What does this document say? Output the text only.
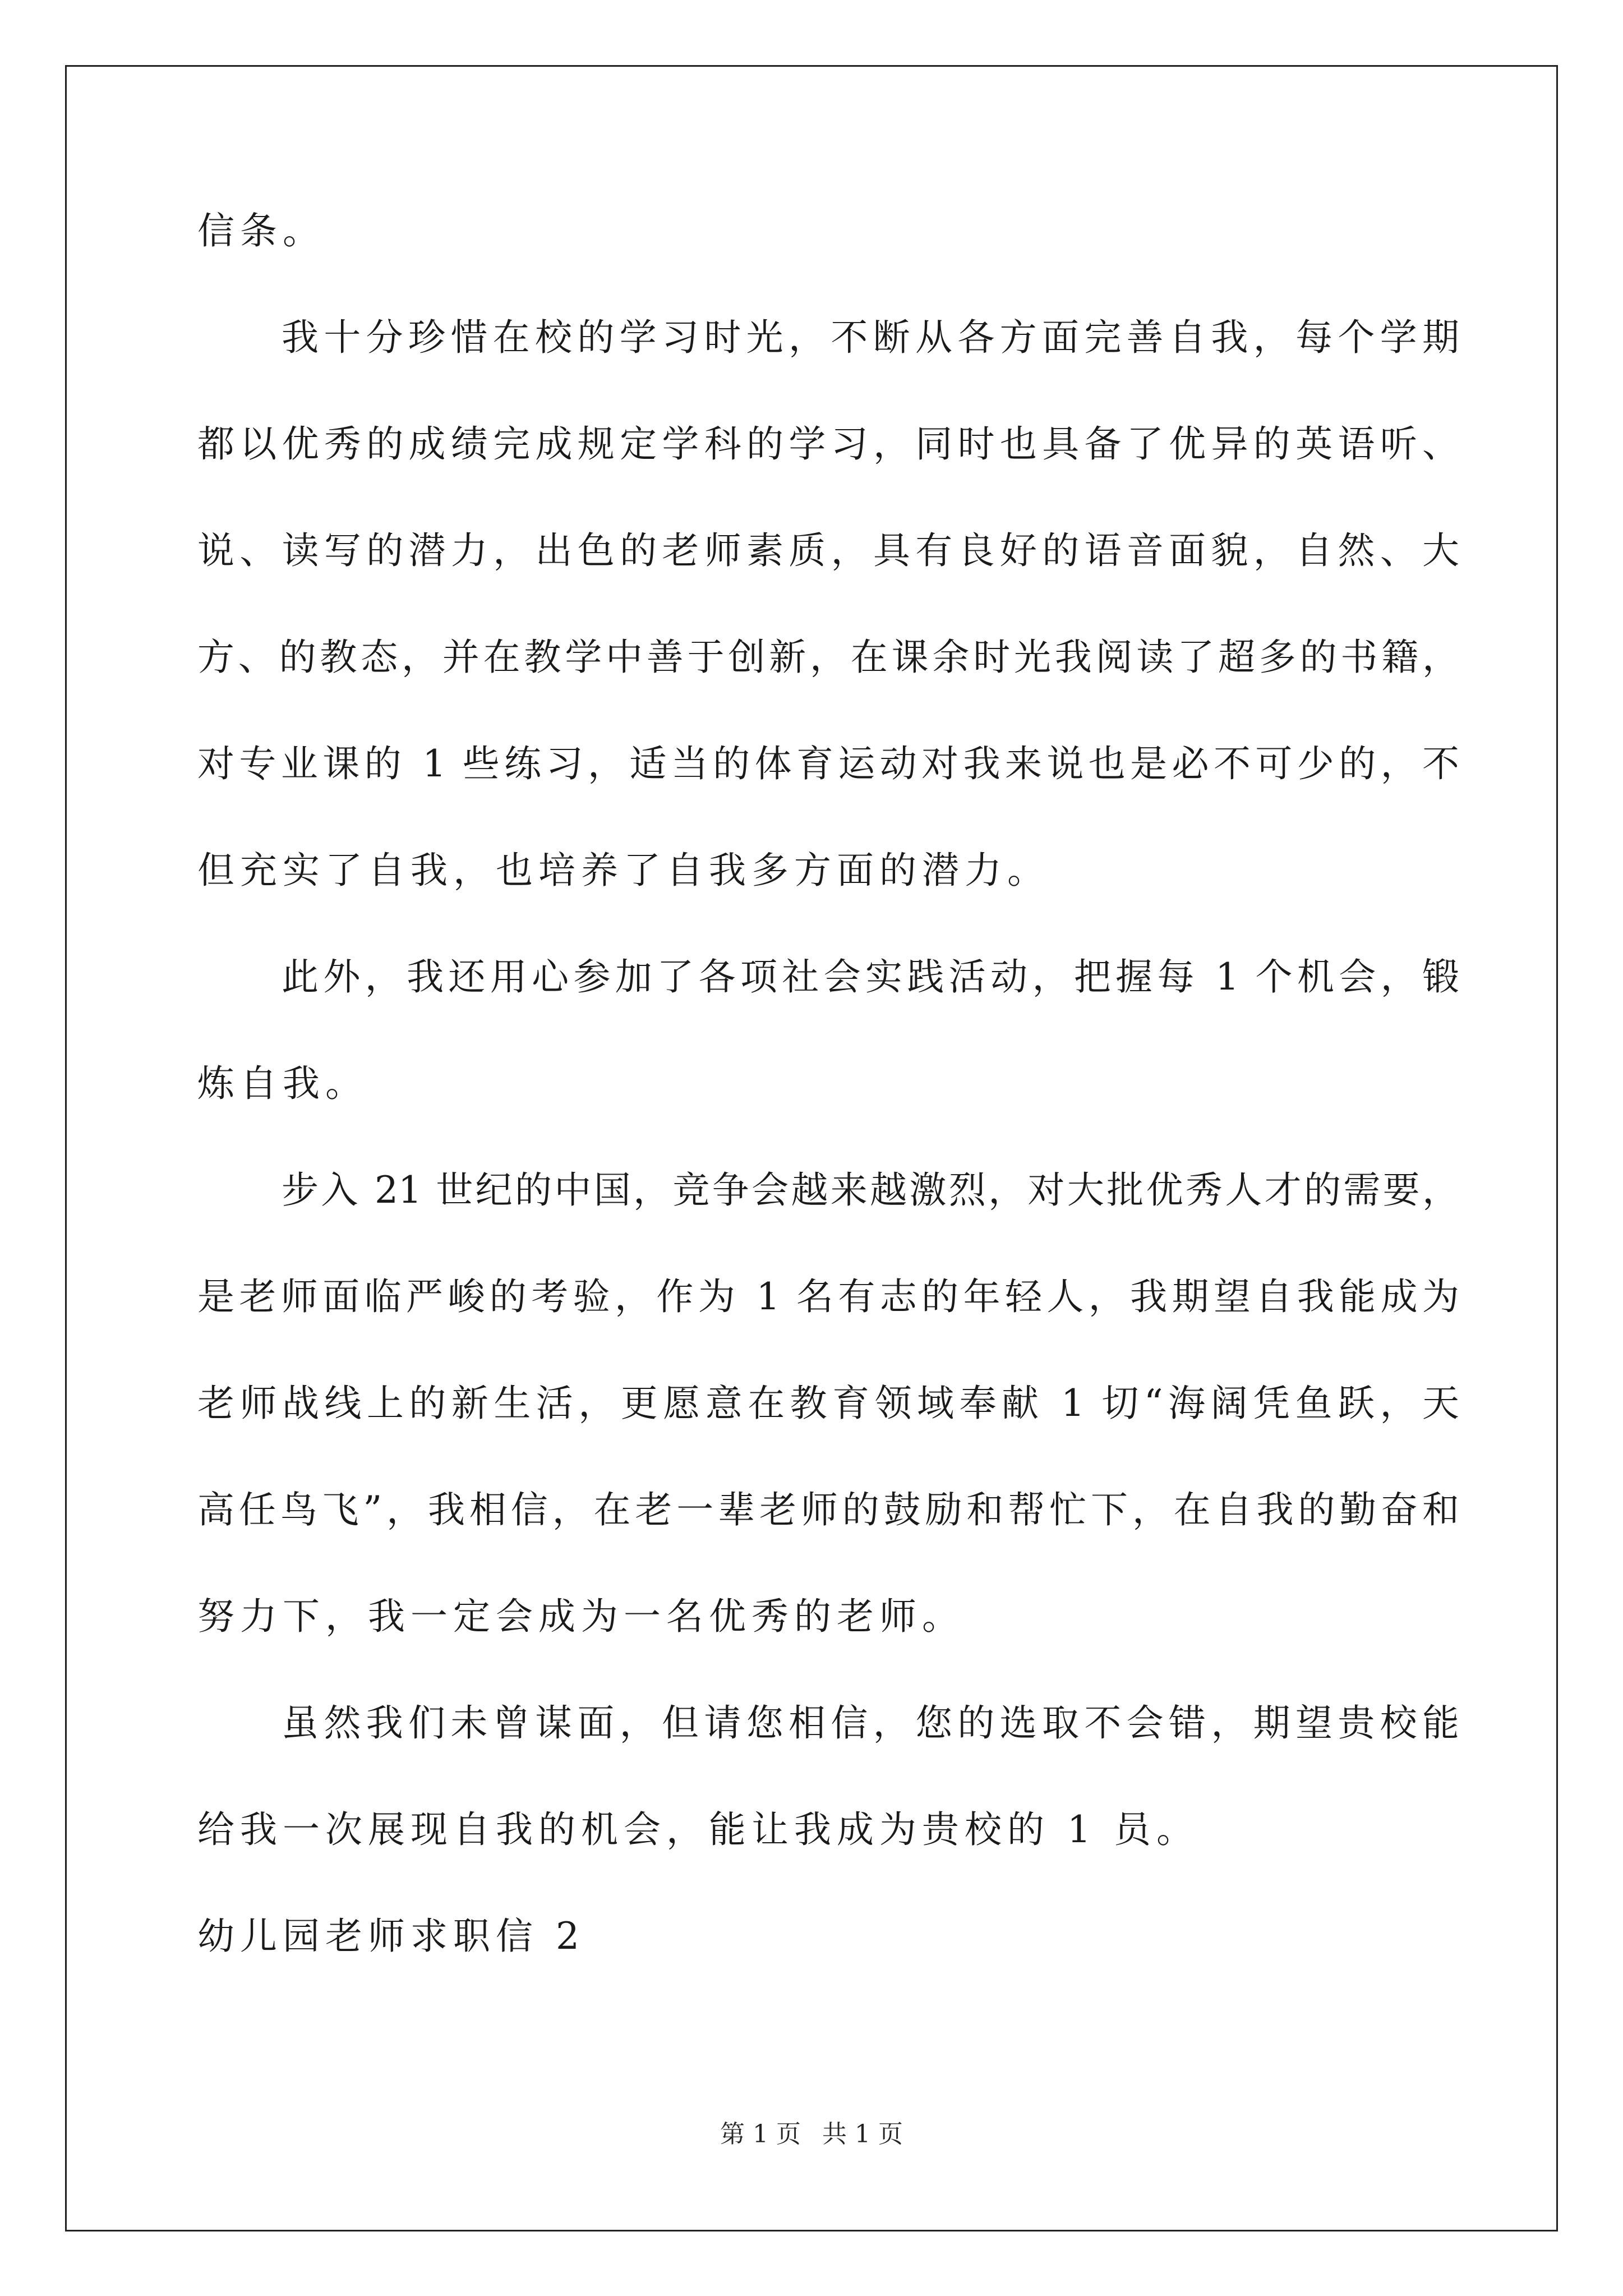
信条。
我十分珍惜在校的学习时光，不断从各方面完善自我，每个学期
都以优秀的成绩完成规定学科的学习，同时也具备了优异的英语听、
说、读写的潜力，出色的老师素质，具有良好的语音面貌，自然、大
方、的教态，并在教学中善于创新，在课余时光我阅读了超多的书籍，
对专业课的 1 些练习，适当的体育运动对我来说也是必不可少的，不
但充实了自我，也培养了自我多方面的潜力。
此外，我还用心参加了各项社会实践活动，把握每 1 个机会，锻
炼自我。
步入 21 世纪的中国，竞争会越来越激烈，对大批优秀人才的需要，
是老师面临严峻的考验，作为 1 名有志的年轻人，我期望自我能成为
老师战线上的新生活，更愿意在教育领域奉献 1 切“海阔凭鱼跃，天
高任鸟飞”，我相信，在老一辈老师的鼓励和帮忙下，在自我的勤奋和
努力下，我一定会成为一名优秀的老师。
虽然我们未曾谋面，但请您相信，您的选取不会错，期望贵校能
给我一次展现自我的机会，能让我成为贵校的 1 员。
幼儿园老师求职信 2
第 1 页 共 1 页
